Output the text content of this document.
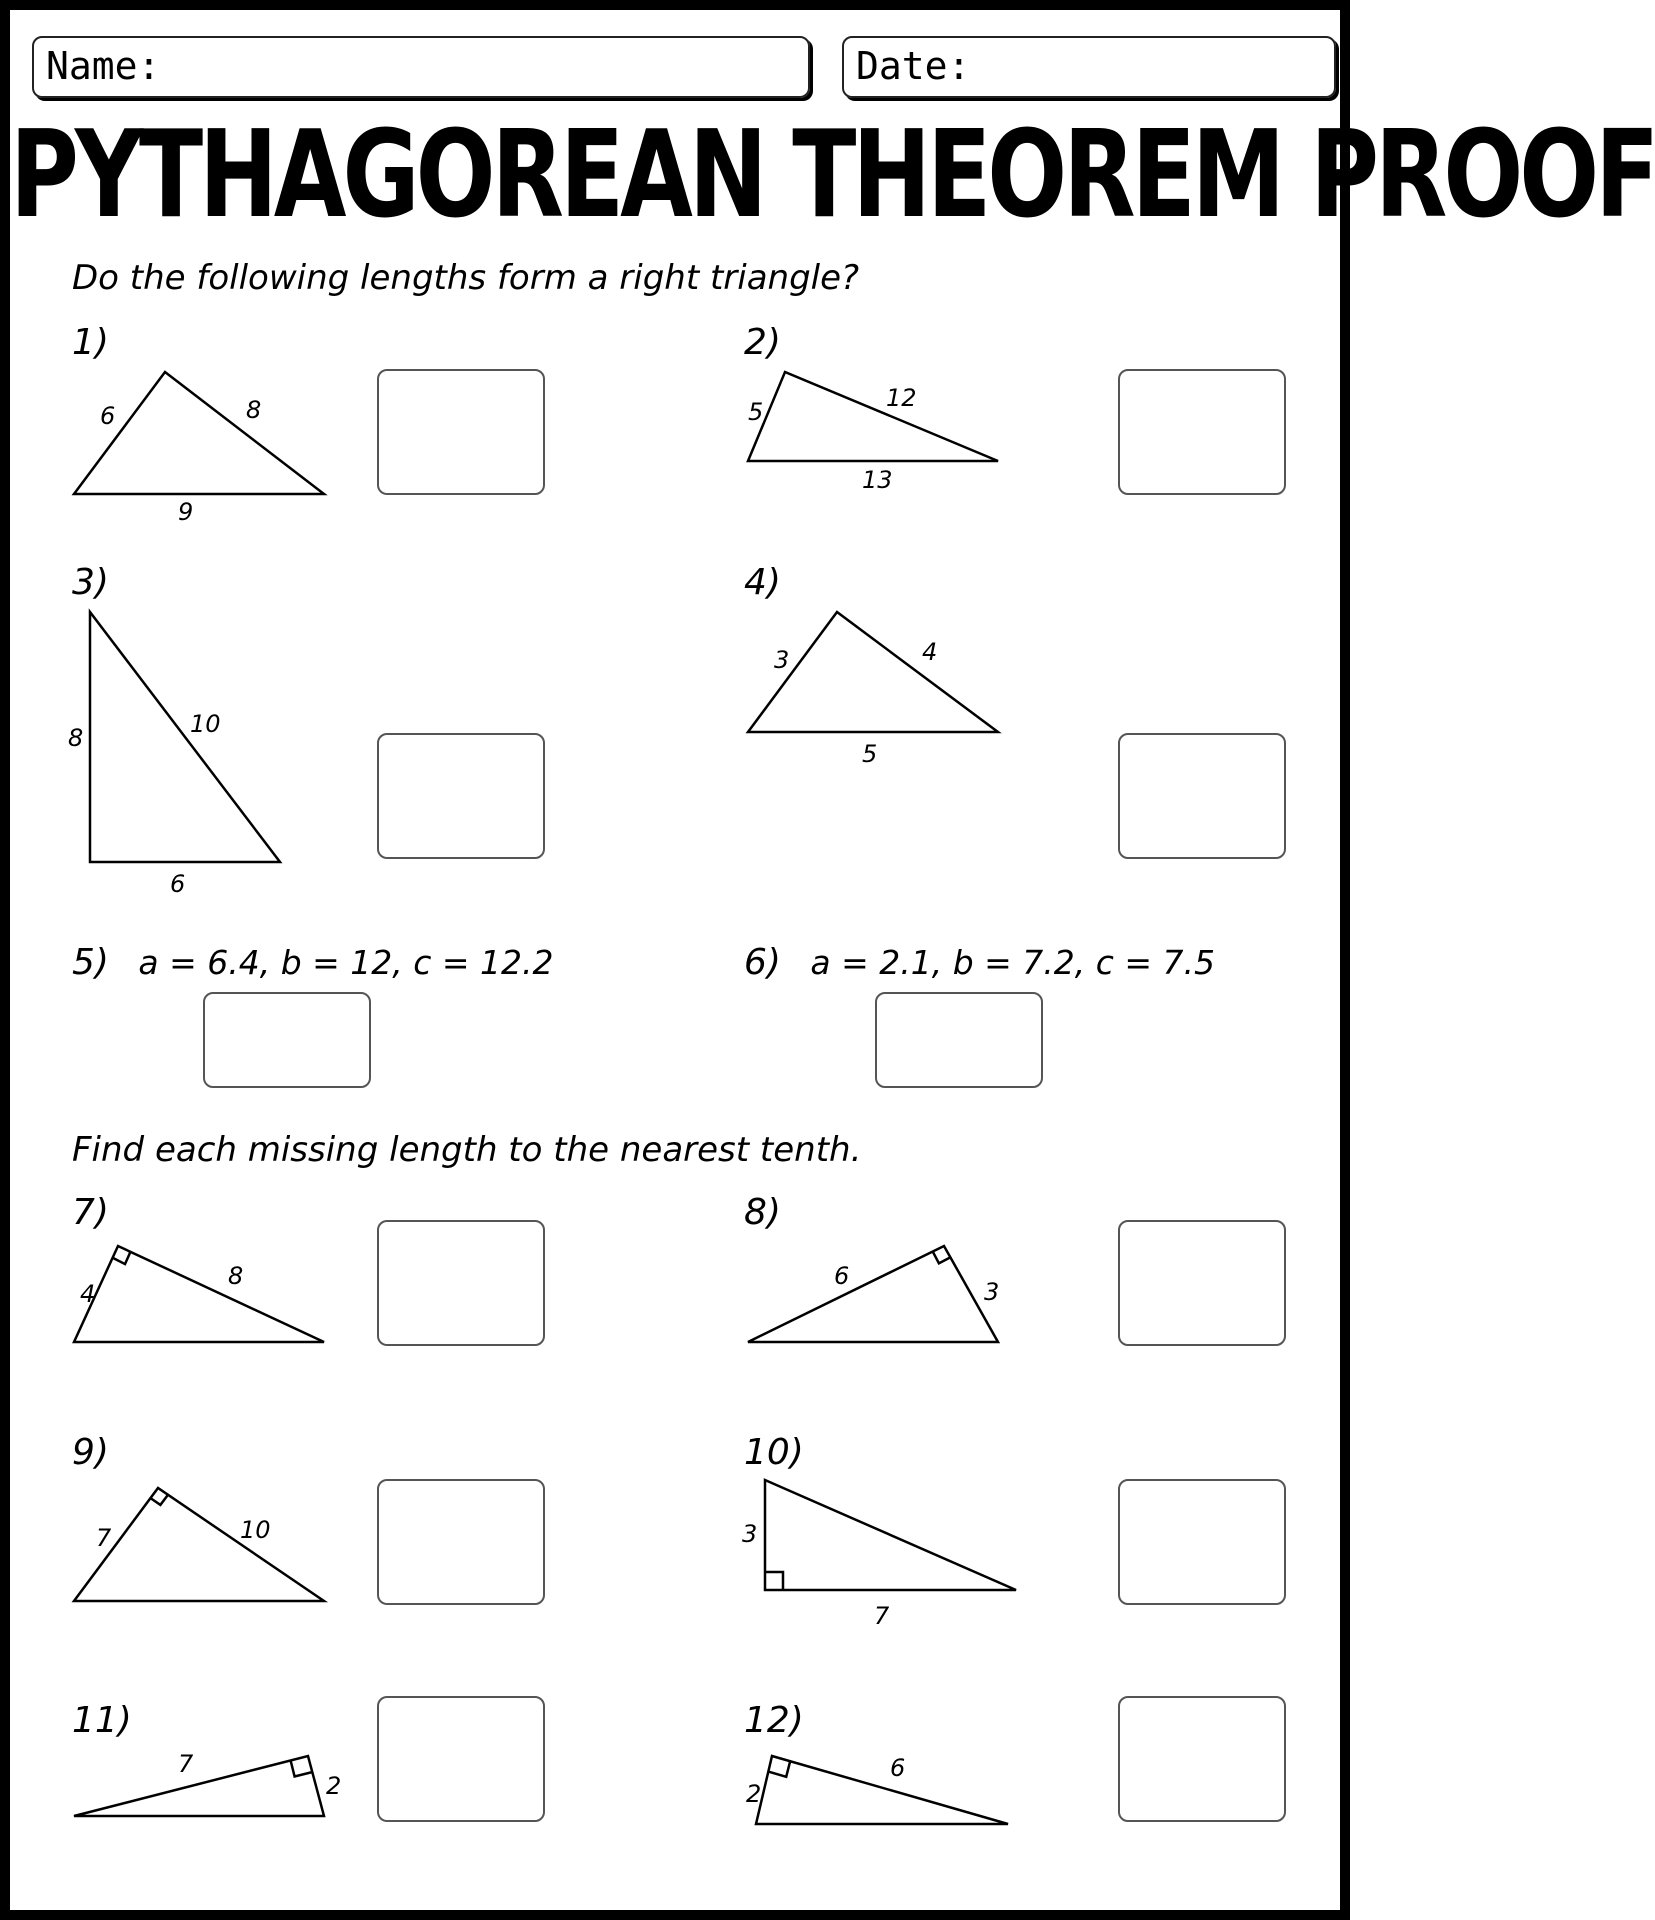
Name:	Date:
PYTHAGOREAN THEOREM PROOF
Do the following lengths form a right triangle?
Find each missing length to the nearest tenth.
1)	2)
3)	4)
5) a = 6.4, b = 12, c = 12.2	6) a = 2.1, b = 7.2, c = 7.5
7)	8)
9)	10)
11)	12)
6	8
9
5	12
13
8	10
6
3	4
5
4
8	6
3
7	10	3
7
7
2	2
6
